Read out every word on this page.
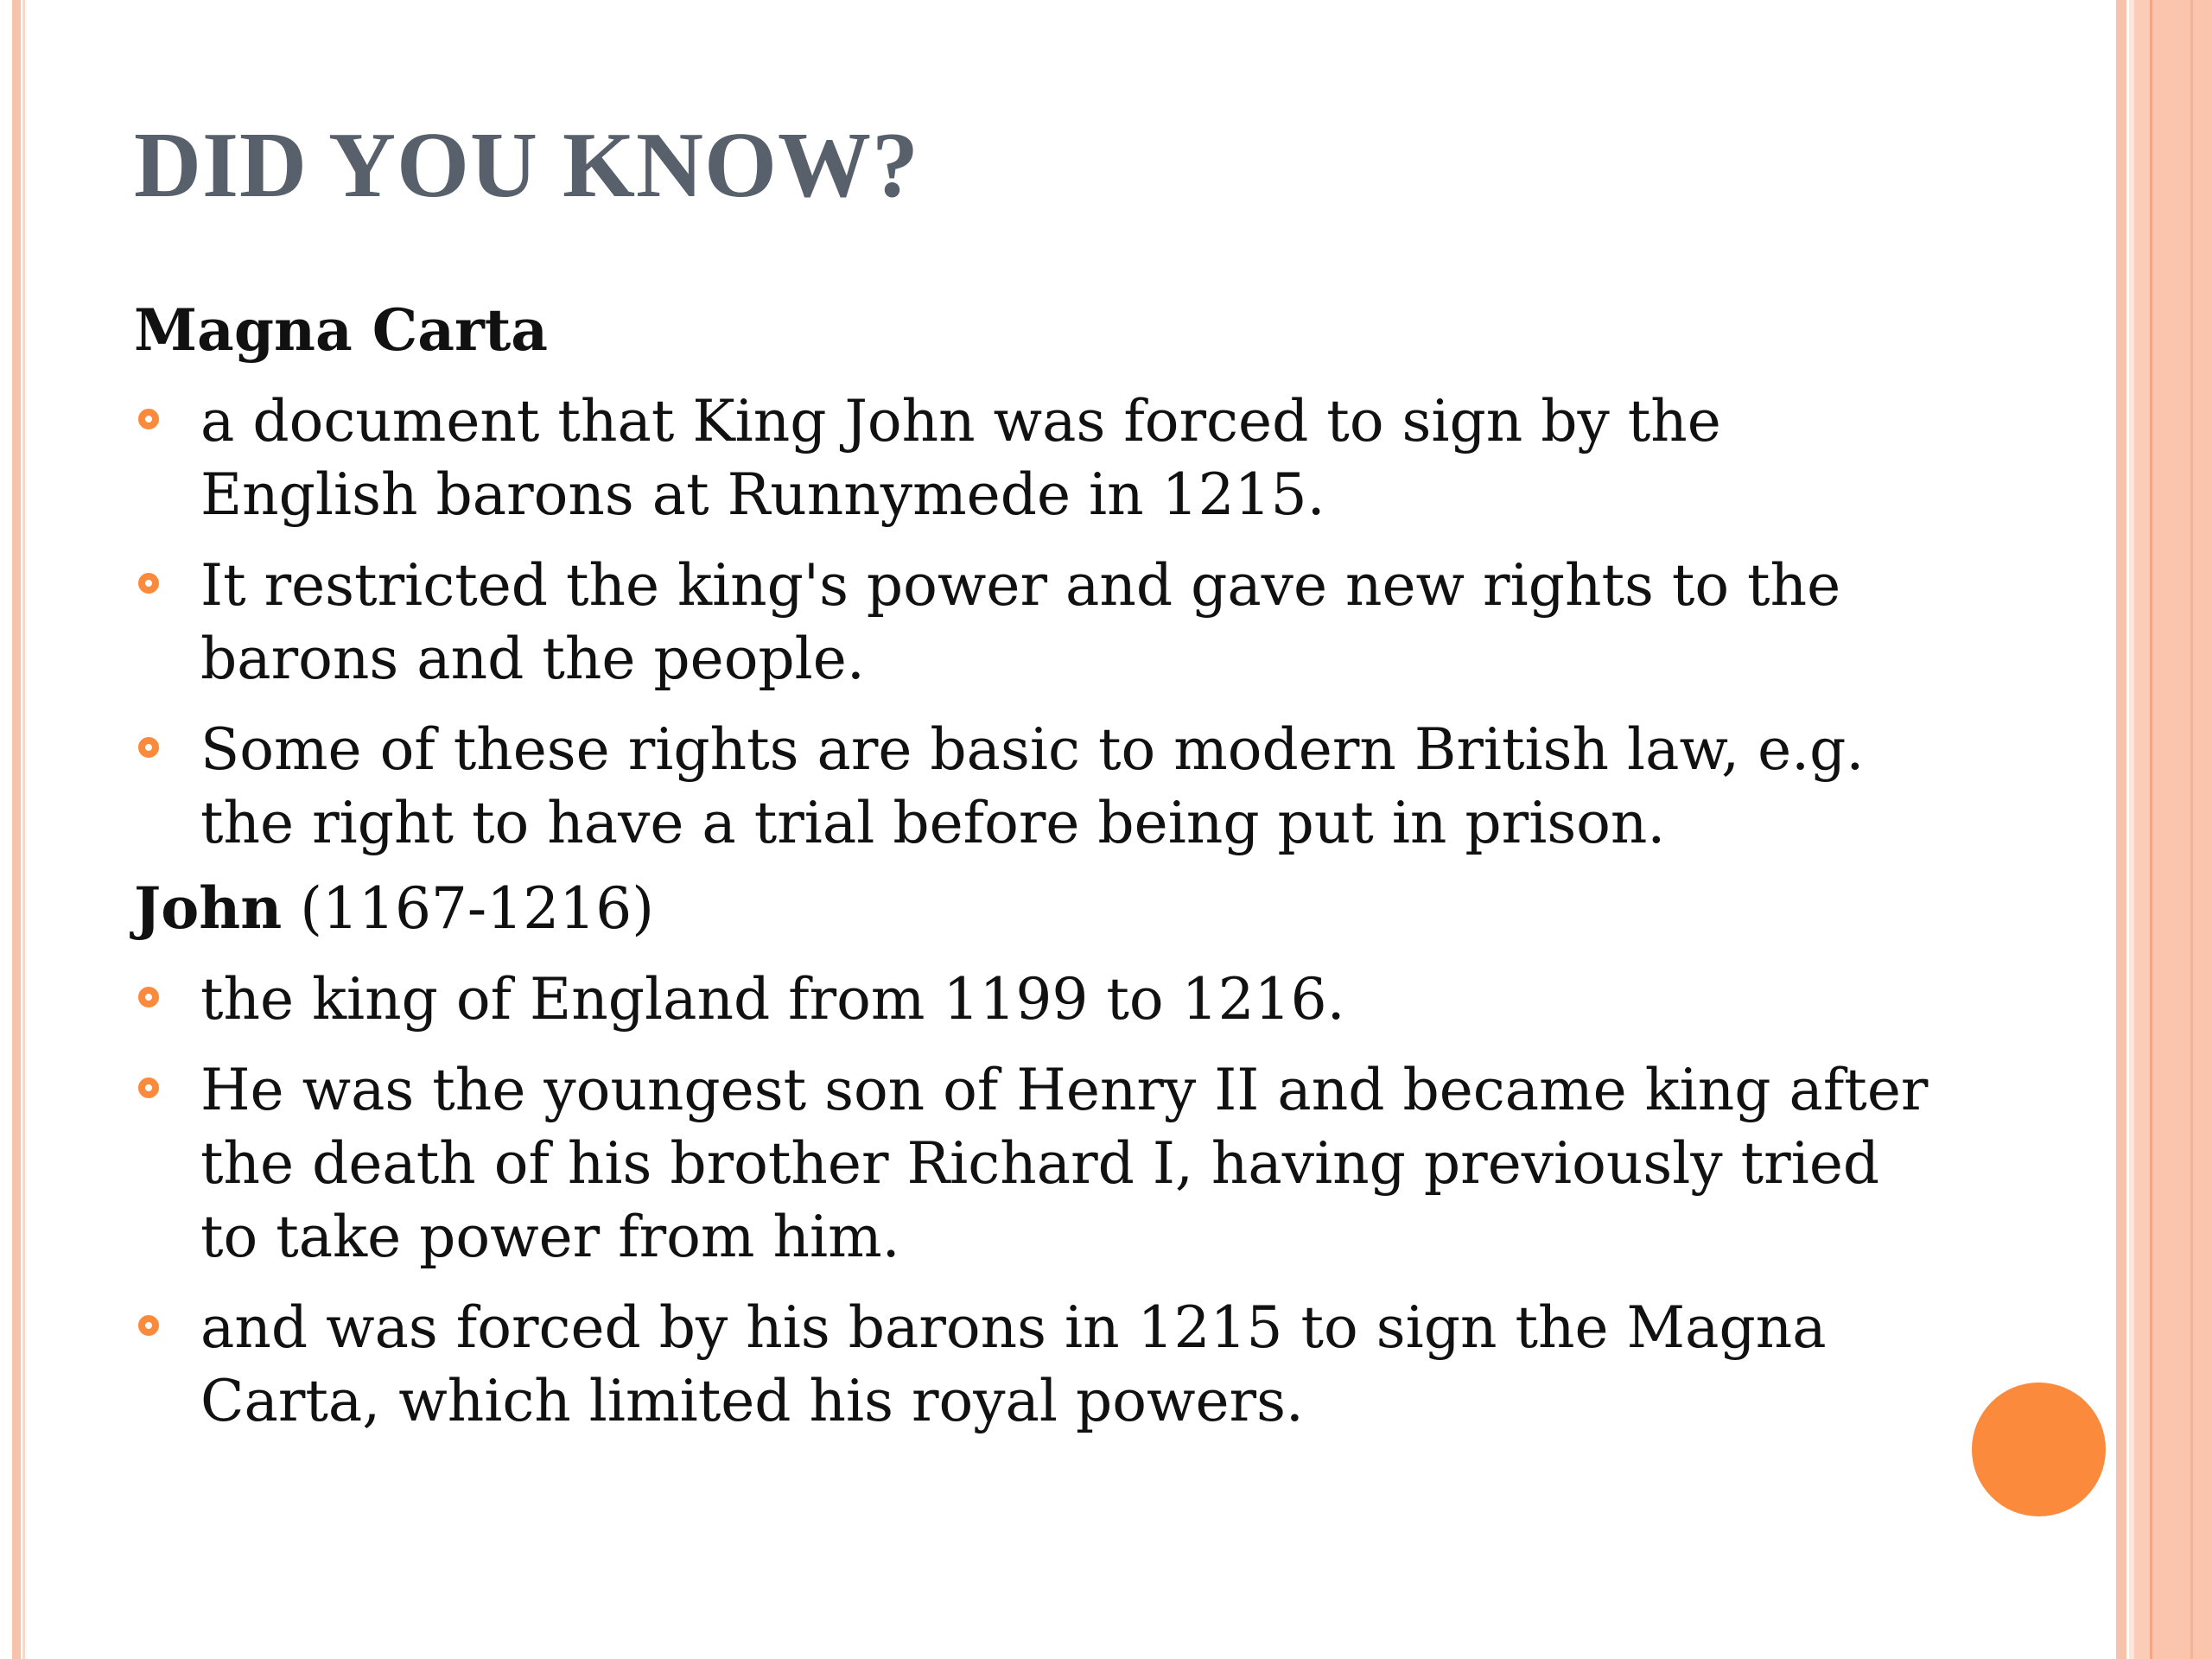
DID YOU KNOW?
Magna Carta
a document that King John was forced to sign by the English barons at Runnymede in 1215.
It restricted the king's power and gave new rights to the barons and the people.
Some of these rights are basic to modern British law, e.g. the right to have a trial before being put in prison.
John (1167-1216)
the king of England from 1199 to 1216.
He was the youngest son of Henry II and became king after the death of his brother Richard I, having previously tried to take power from him.
and was forced by his barons in 1215 to sign the Magna Carta, which limited his royal powers.
